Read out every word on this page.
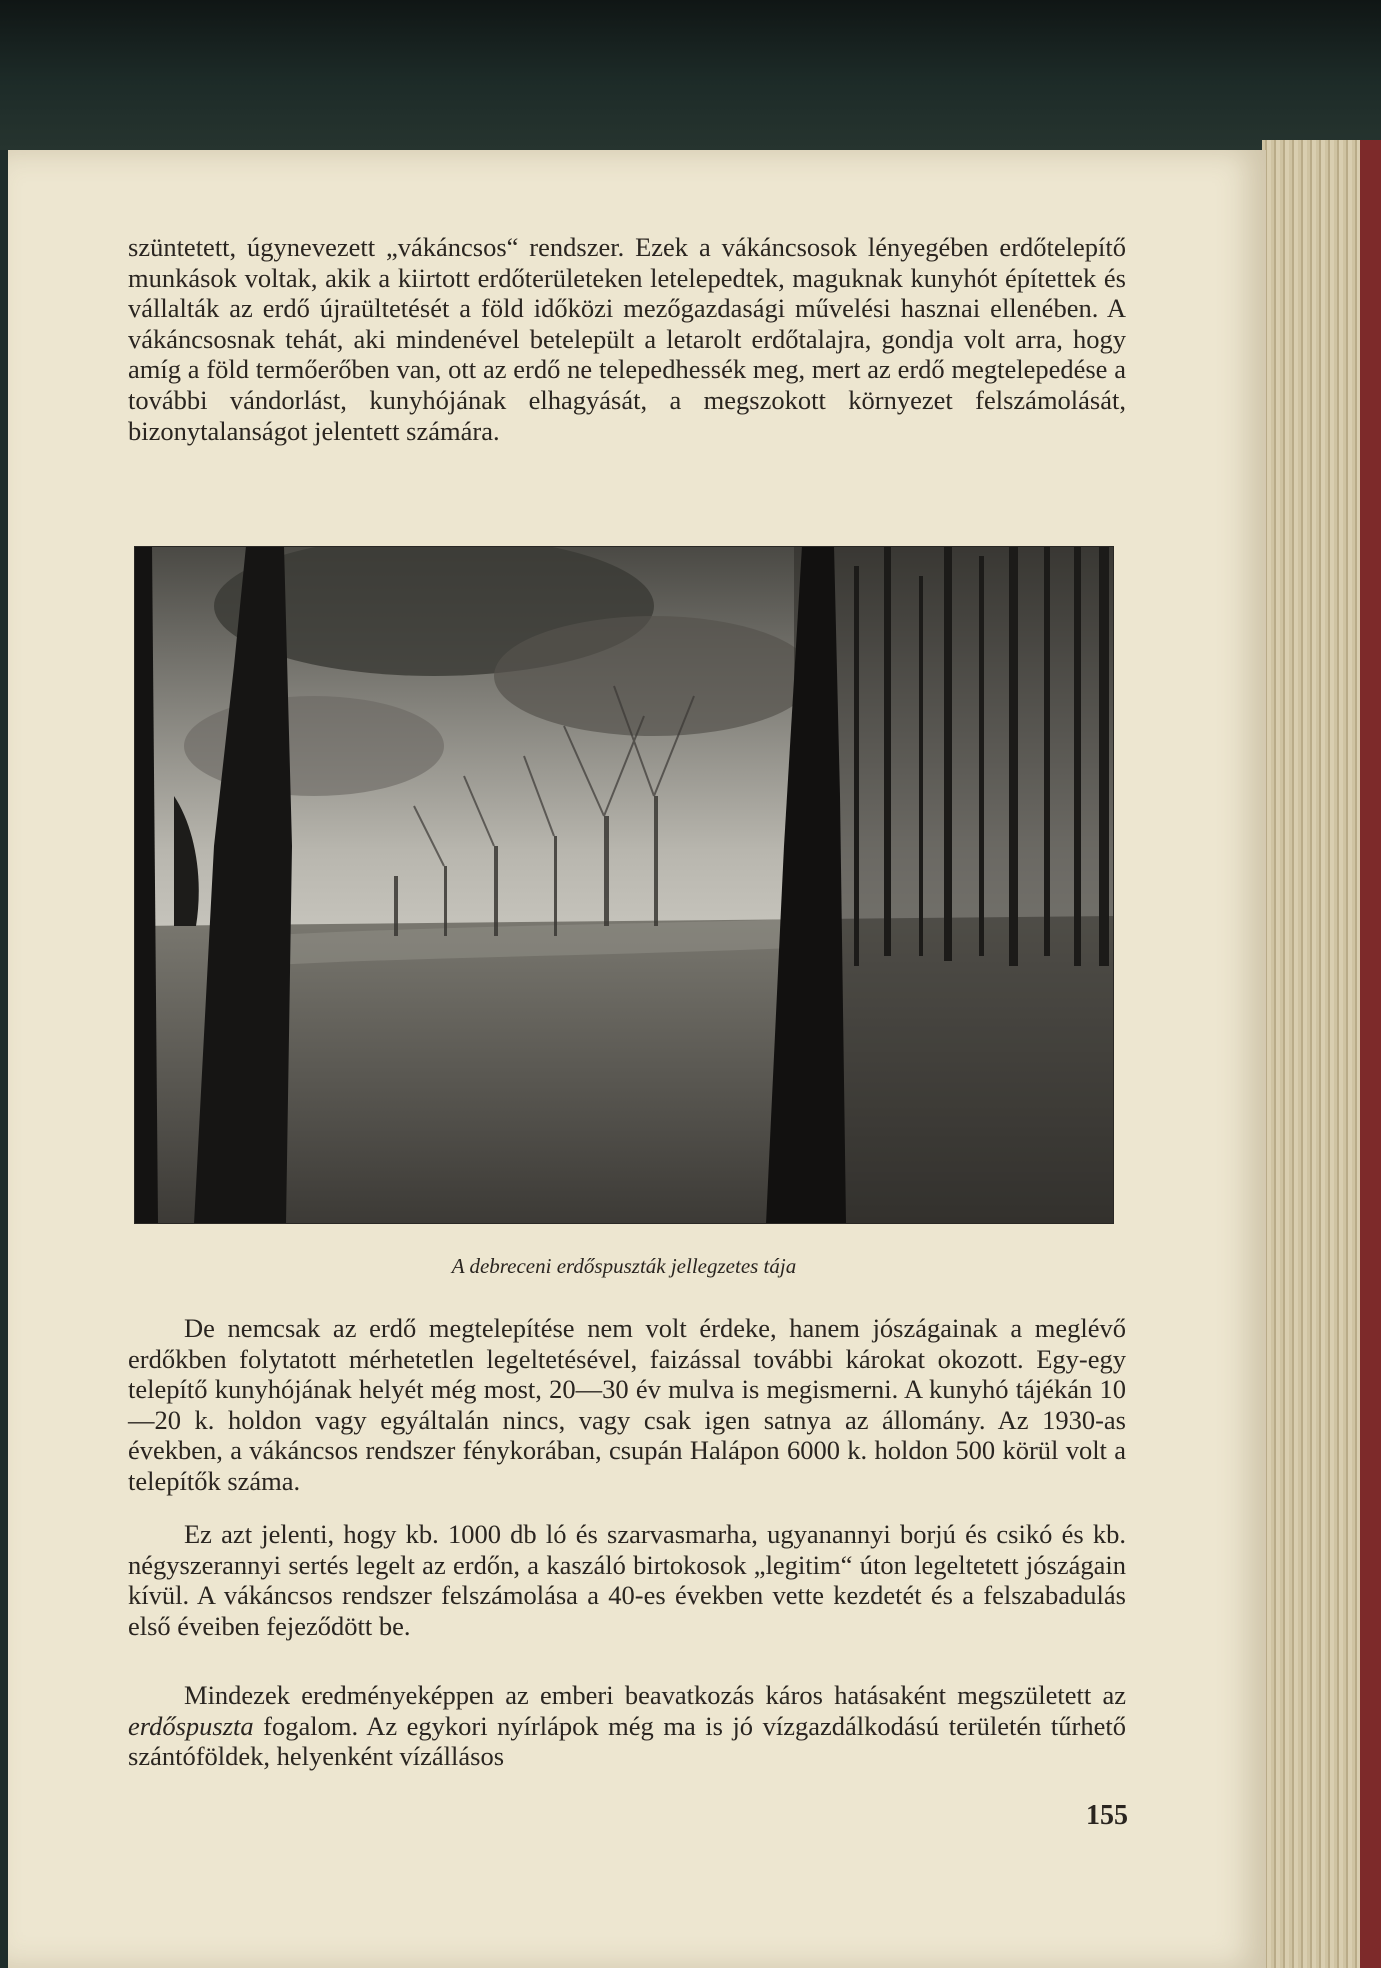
szüntetett, úgynevezett „vákáncsos“ rendszer. Ezek a vákáncsosok lényegében erdőtelepítő munkások voltak, akik a kiirtott erdőterületeken letelepedtek, maguknak kunyhót építettek és vállalták az erdő újraültetését a föld időközi mezőgazdasági művelési hasznai ellenében. A vákáncsosnak tehát, aki mindenével betelepült a letarolt erdőtalajra, gondja volt arra, hogy amíg a föld termőerőben van, ott az erdő ne telepedhessék meg, mert az erdő megtelepedése a további vándorlást, kunyhójának elhagyását, a megszokott környezet felszámolását, bizonytalanságot jelentett számára.

A debreceni erdőspuszták jellegzetes tája

De nemcsak az erdő megtelepítése nem volt érdeke, hanem jószágainak a meglévő erdőkben folytatott mérhetetlen legeltetésével, faizással további károkat okozott. Egy-egy telepítő kunyhójának helyét még most, 20—30 év mulva is megismerni. A kunyhó tájékán 10—20 k. holdon vagy egyáltalán nincs, vagy csak igen satnya az állomány. Az 1930-as években, a vákáncsos rendszer fénykorában, csupán Halápon 6000 k. holdon 500 körül volt a telepítők száma.

Ez azt jelenti, hogy kb. 1000 db ló és szarvasmarha, ugyanannyi borjú és csikó és kb. négyszerannyi sertés legelt az erdőn, a kaszáló birtokosok „legitim“ úton legeltetett jószágain kívül. A vákáncsos rendszer felszámolása a 40-es években vette kezdetét és a felszabadulás első éveiben fejeződött be.

Mindezek eredményeképpen az emberi beavatkozás káros hatásaként megszületett az erdőspuszta fogalom. Az egykori nyírlápok még ma is jó vízgazdálkodású területén tűrhető szántóföldek, helyenként vízállásos

155
